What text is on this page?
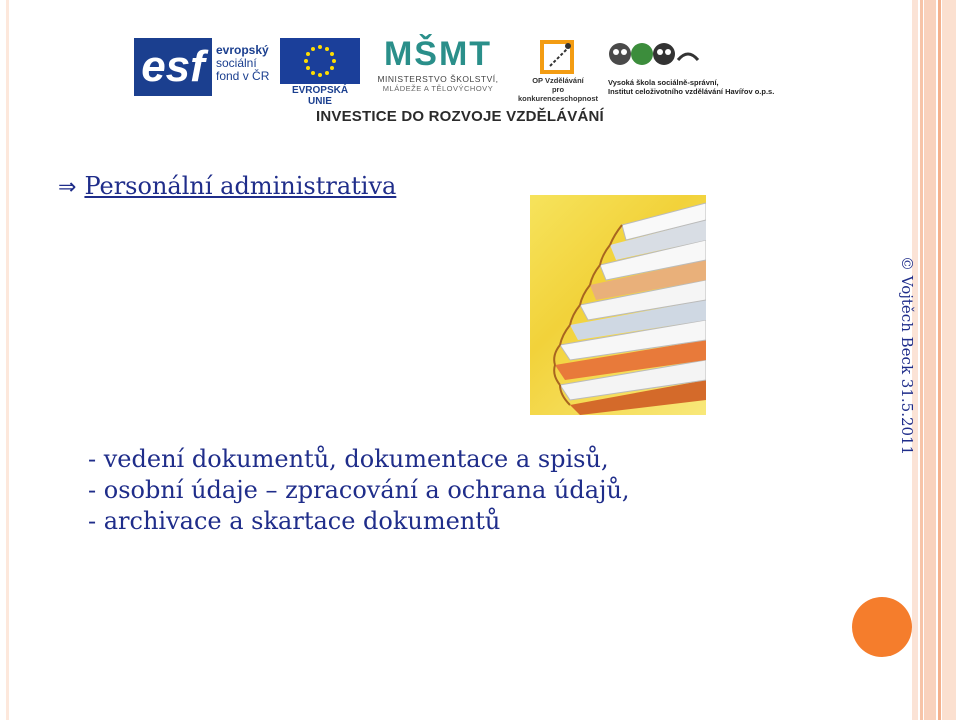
esf evropský
sociální
fond v ČR
EVROPSKÁ UNIE
MŠMT
MINISTERSTVO ŠKOLSTVÍ,
MLÁDEŽE A TĚLOVÝCHOVY
OP Vzdělávání
pro konkurenceschopnost
Vysoká škola sociálně-správní,
Institut celoživotního vzdělávání Havířov o.p.s.
INVESTICE DO ROZVOJE VZDĚLÁVÁNÍ
⇒ Personální administrativa
- vedení dokumentů, dokumentace a spisů,
- osobní údaje – zpracování a ochrana údajů,
- archivace a skartace dokumentů
© Vojtěch Beck 31.5.2011
